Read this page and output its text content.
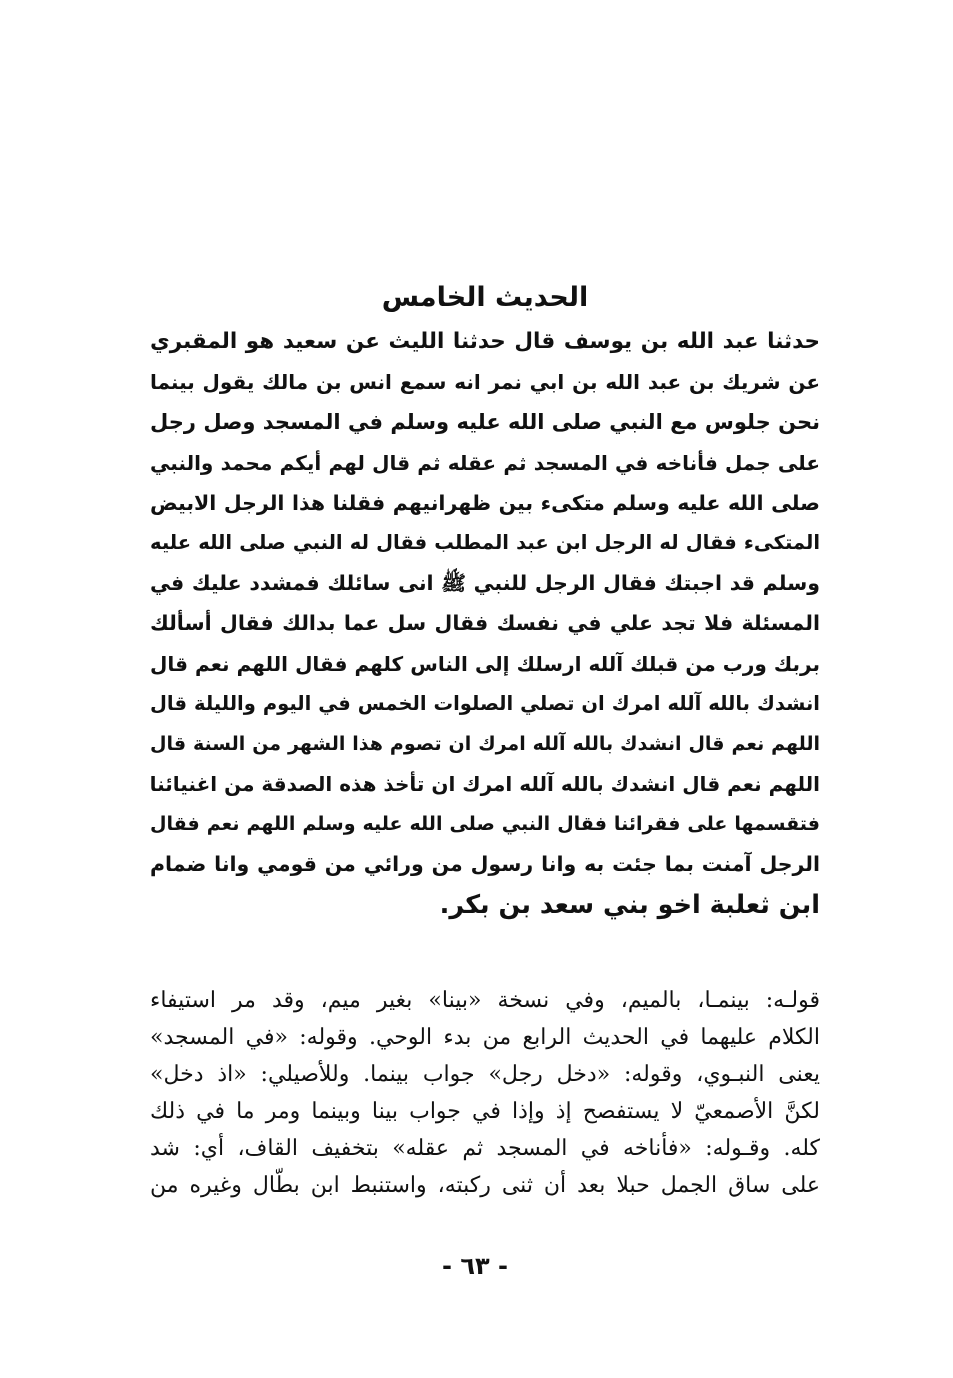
الحديث الخامس
حدثنا عبد الله بن يوسف قال حدثنا الليث عن سعيد هو المقبري
عن شريك بن عبد الله بن ابي نمر انه سمع انس بن مالك يقول بينما
نحن جلوس مع النبي صلى الله عليه وسلم في المسجد وصل رجل
على جمل فأناخه في المسجد ثم عقله ثم قال لهم أيكم محمد والنبي
صلى الله عليه وسلم متكىء بين ظهرانيهم فقلنا هذا الرجل الابيض
المتكىء فقال له الرجل ابن عبد المطلب فقال له النبي صلى الله عليه
وسلم قد اجبتك فقال الرجل للنبي ﷺ انى سائلك فمشدد عليك في
المسئلة فلا تجد علي في نفسك فقال سل عما بدالك فقال أسألك
بربك ورب من قبلك آلله ارسلك إلى الناس كلهم فقال اللهم نعم قال
انشدك بالله آلله امرك ان تصلي الصلوات الخمس في اليوم والليلة قال
اللهم نعم قال انشدك بالله آلله امرك ان تصوم هذا الشهر من السنة قال
اللهم نعم قال انشدك بالله آلله امرك ان تأخذ هذه الصدقة من اغنيائنا
فتقسمها على فقرائنا فقال النبي صلى الله عليه وسلم اللهم نعم فقال
الرجل آمنت بما جئت به وانا رسول من ورائي من قومي وانا ضمام
ابن ثعلبة اخو بني سعد بن بكر.
قولـه: بينمـا، بالميم، وفي نسخة «بينا» بغير ميم، وقد مر استيفاء
الكلام عليهما في الحديث الرابع من بدء الوحي. وقوله: «في المسجد»
يعنى النبـوي، وقوله: «دخل رجل» جواب بينما. وللأصيلي: «اذ دخل»
لكنَّ الأصمعيّ لا يستفصح إذ وإذا في جواب بينا وبينما ومر ما في ذلك
كله. وقـوله: «فأناخه في المسجد ثم عقله» بتخفيف القاف، أي: شد
على ساق الجمل حبلا بعد أن ثنى ركبته، واستنبط ابن بطّال وغيره من
- ٦٣ -
